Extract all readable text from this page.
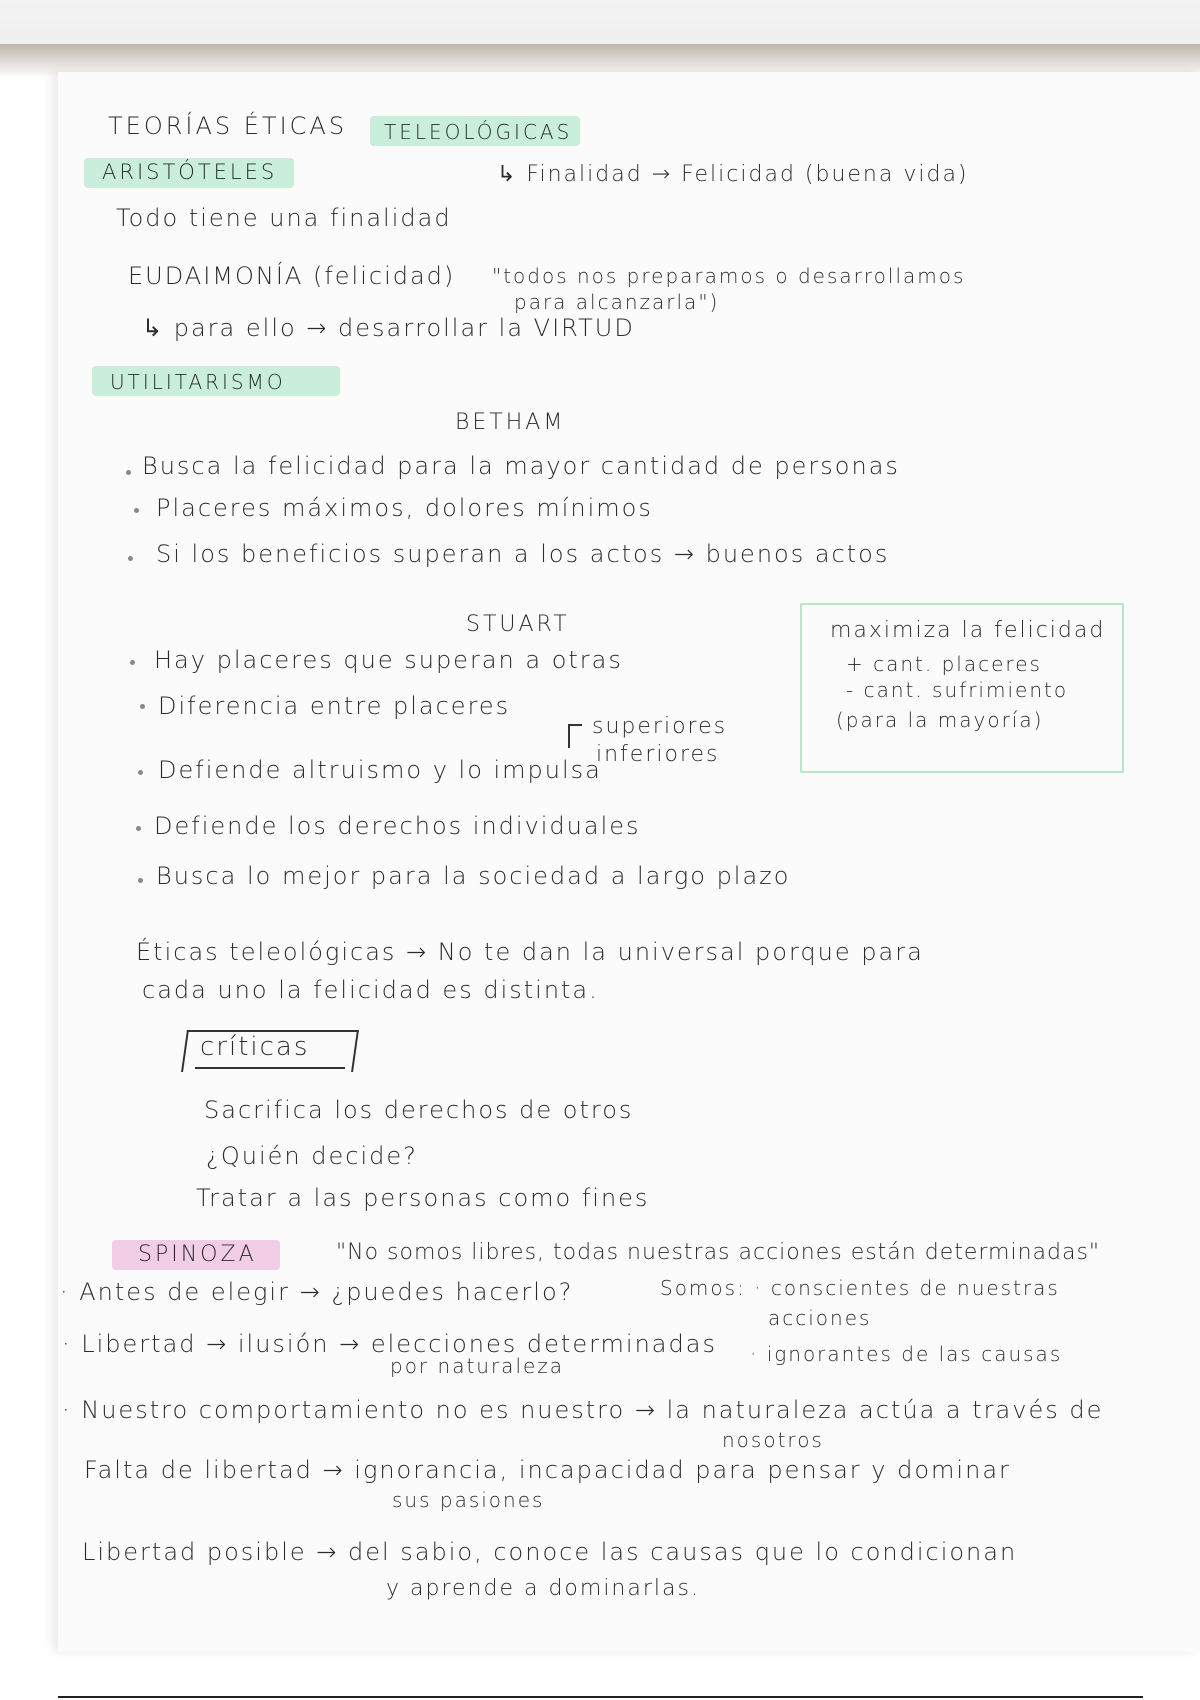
TEORÍAS ÉTICAS TELEOLÓGICAS
ARISTÓTELES	↳ Finalidad → Felicidad (buena vida)
Todo tiene una finalidad
EUDAIMONÍA (felicidad) "todos nos preparamos o desarrollamos
para alcanzarla")
↳ para ello → desarrollar la VIRTUD
UTILITARISMO
BETHAM
Busca la felicidad para la mayor cantidad de personas
Placeres máximos, dolores mínimos
Si los beneficios superan a los actos → buenos actos
STUART
Hay placeres que superan a otras
Diferencia entre placeres
superiores
inferiores
Defiende altruismo y lo impulsa
Defiende los derechos individuales
Busca lo mejor para la sociedad a largo plazo
maximiza la felicidad
+ cant. placeres
- cant. sufrimiento
(para la mayoría)
Éticas teleológicas → No te dan la universal porque para
cada uno la felicidad es distinta.
críticas
Sacrifica los derechos de otros
¿Quién decide?
Tratar a las personas como fines
SPINOZA	"No somos libres, todas nuestras acciones están determinadas"
· Antes de elegir → ¿puedes hacerlo?	Somos: · conscientes de nuestras
acciones
· ignorantes de las causas
· Libertad → ilusión → elecciones determinadas
por naturaleza
· Nuestro comportamiento no es nuestro → la naturaleza actúa a través de
nosotros
Falta de libertad → ignorancia, incapacidad para pensar y dominar
sus pasiones
Libertad posible → del sabio, conoce las causas que lo condicionan
y aprende a dominarlas.
